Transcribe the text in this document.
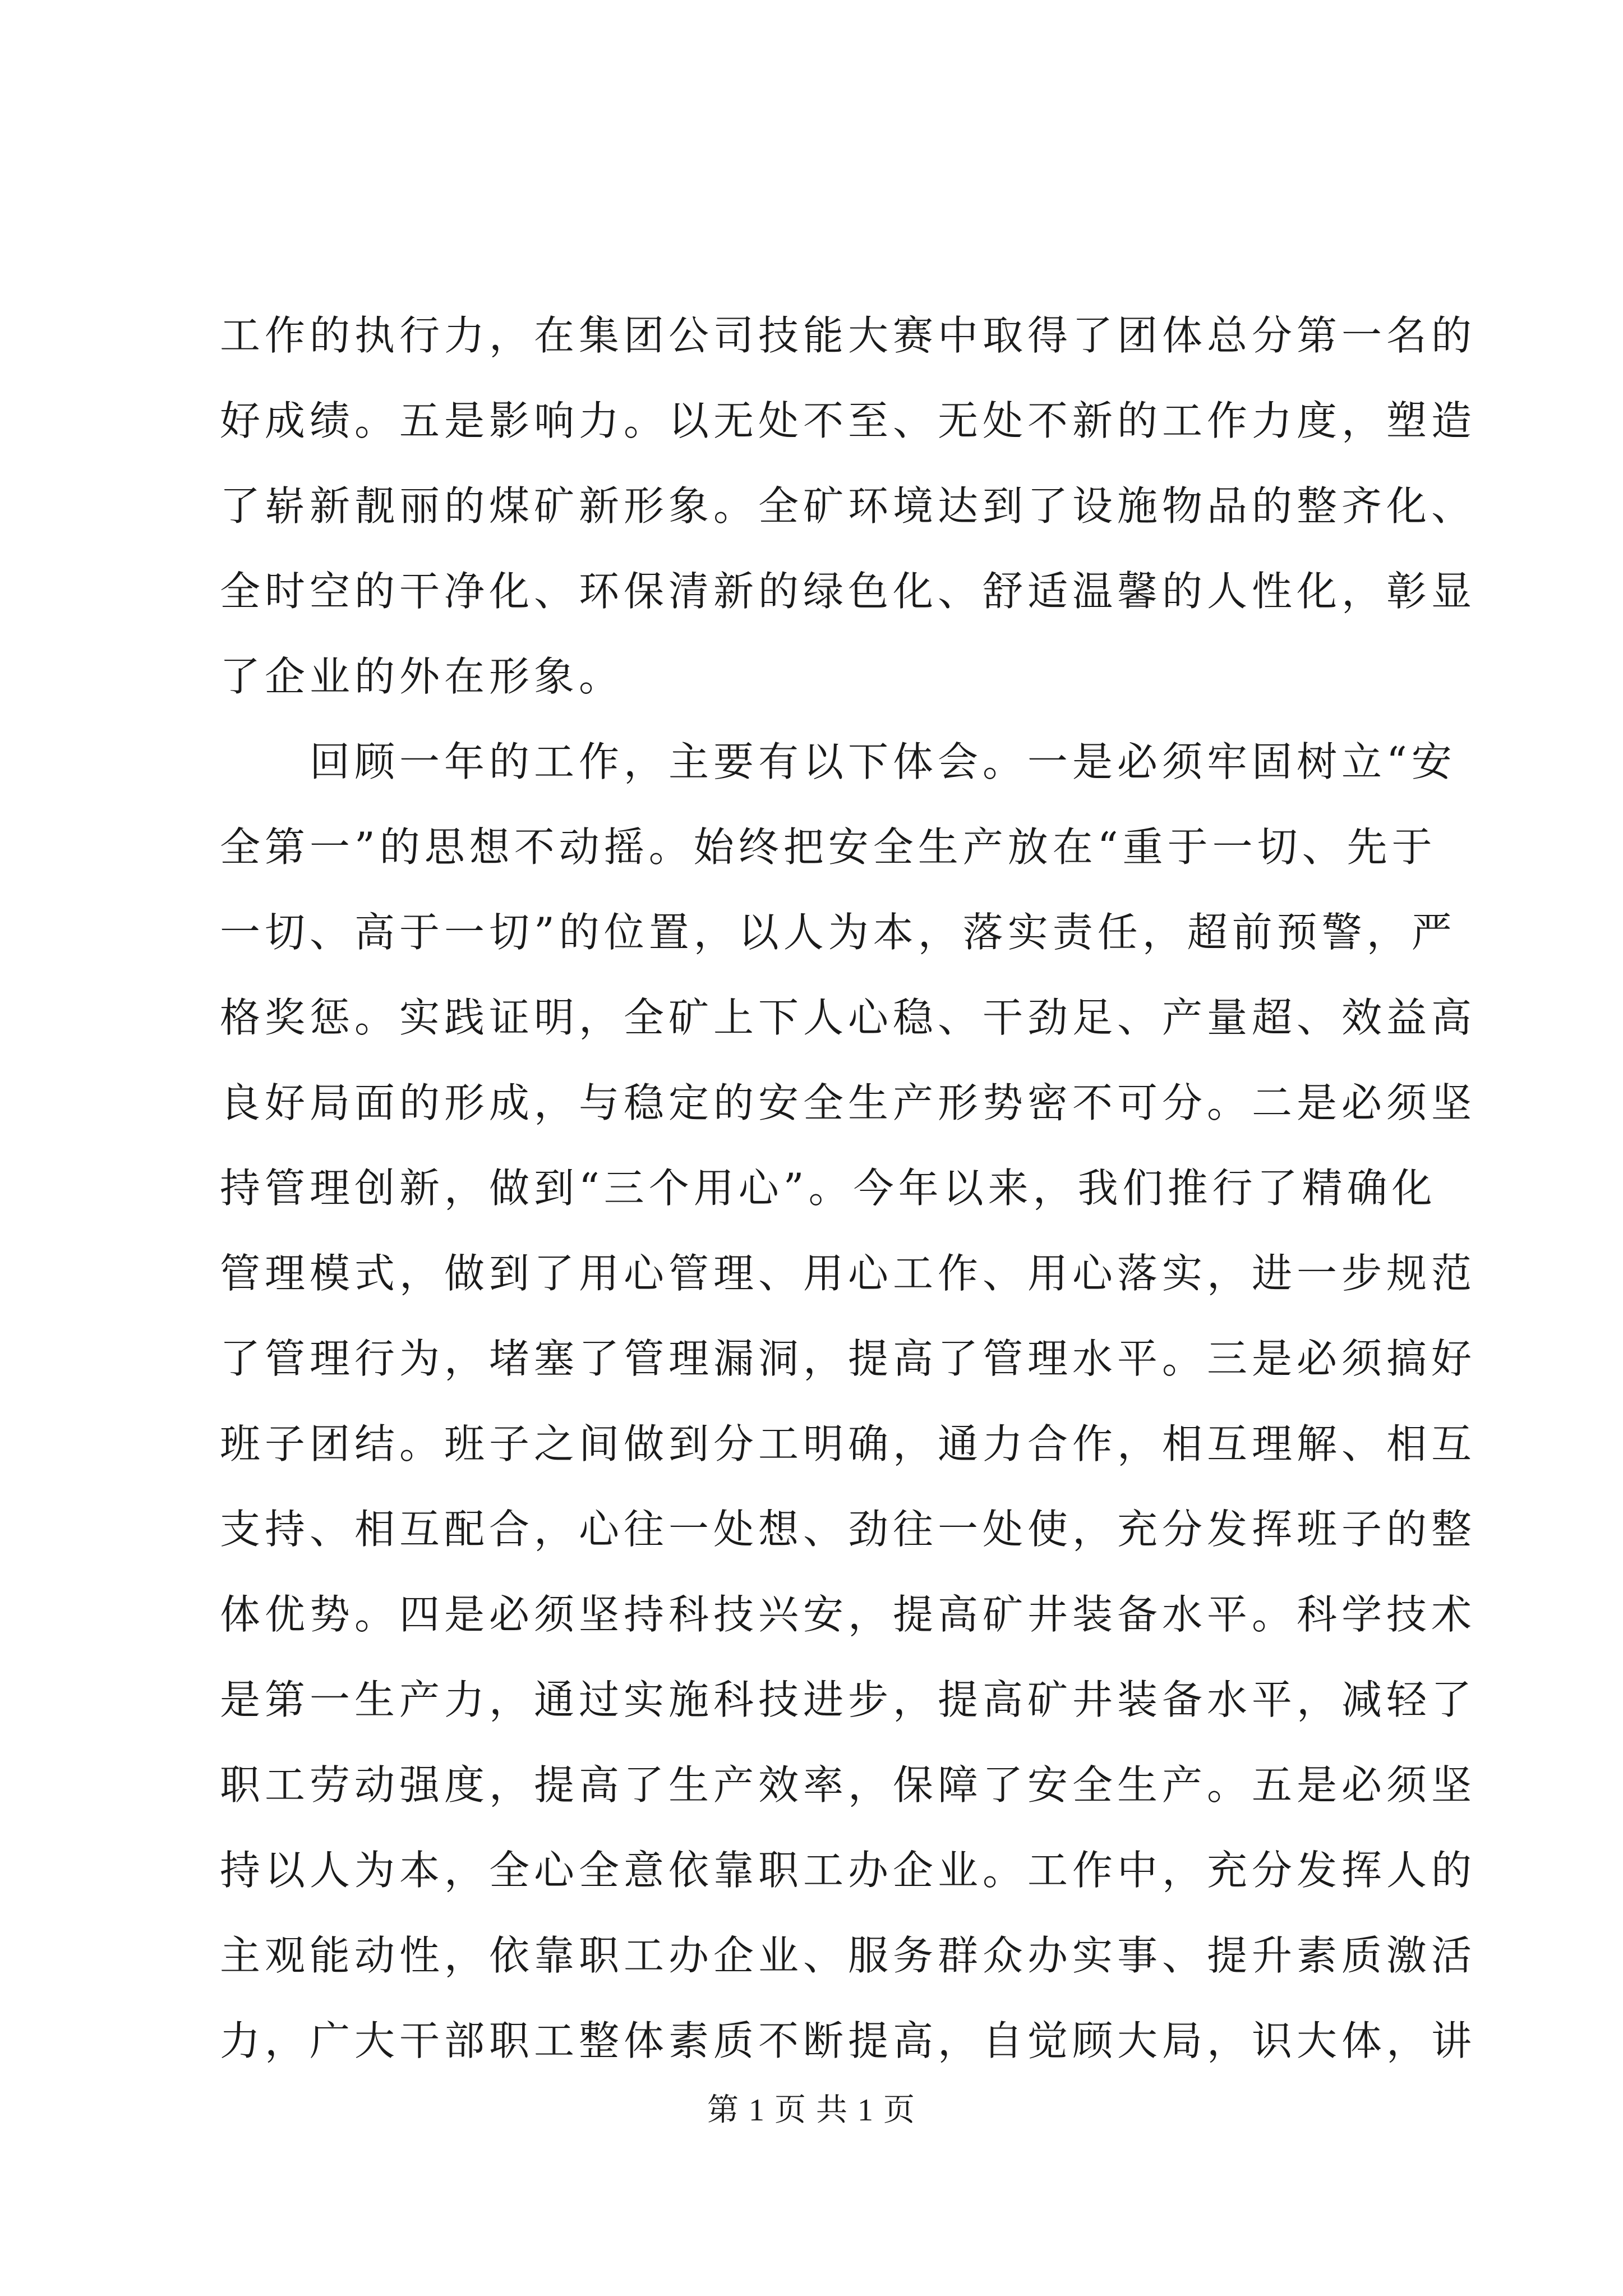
工作的执行力，在集团公司技能大赛中取得了团体总分第一名的
好成绩。五是影响力。以无处不至、无处不新的工作力度，塑造
了崭新靓丽的煤矿新形象。全矿环境达到了设施物品的整齐化、
全时空的干净化、环保清新的绿色化、舒适温馨的人性化，彰显
了企业的外在形象。
　　回顾一年的工作，主要有以下体会。一是必须牢固树立“安
全第一”的思想不动摇。始终把安全生产放在“重于一切、先于
一切、高于一切”的位置，以人为本，落实责任，超前预警，严
格奖惩。实践证明，全矿上下人心稳、干劲足、产量超、效益高
良好局面的形成，与稳定的安全生产形势密不可分。二是必须坚
持管理创新，做到“三个用心”。今年以来，我们推行了精确化
管理模式，做到了用心管理、用心工作、用心落实，进一步规范
了管理行为，堵塞了管理漏洞，提高了管理水平。三是必须搞好
班子团结。班子之间做到分工明确，通力合作，相互理解、相互
支持、相互配合，心往一处想、劲往一处使，充分发挥班子的整
体优势。四是必须坚持科技兴安，提高矿井装备水平。科学技术
是第一生产力，通过实施科技进步，提高矿井装备水平，减轻了
职工劳动强度，提高了生产效率，保障了安全生产。五是必须坚
持以人为本，全心全意依靠职工办企业。工作中，充分发挥人的
主观能动性，依靠职工办企业、服务群众办实事、提升素质激活
力，广大干部职工整体素质不断提高，自觉顾大局，识大体，讲
第 1 页 共 1 页
